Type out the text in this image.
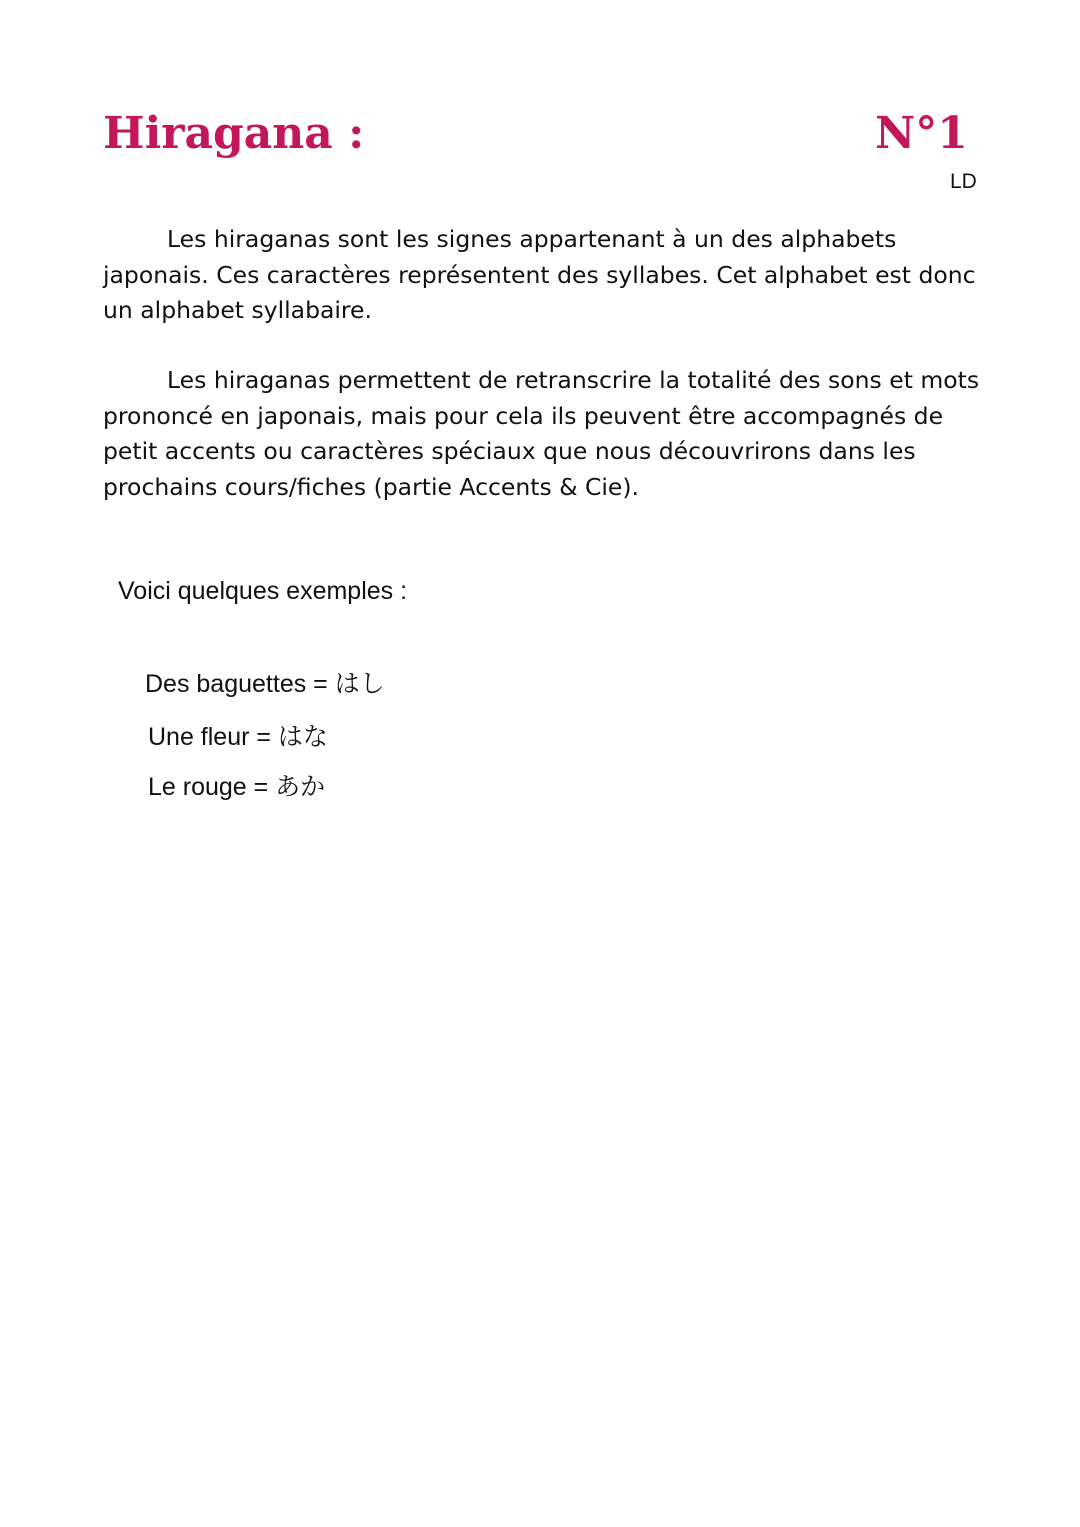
Hiragana :	N°1
LD

Les hiraganas sont les signes appartenant à un des alphabets
japonais. Ces caractères représentent des syllabes. Cet alphabet est donc
un alphabet syllabaire.

Les hiraganas permettent de retranscrire la totalité des sons et mots
prononcé en japonais, mais pour cela ils peuvent être accompagnés de
petit accents ou caractères spéciaux que nous découvrirons dans les
prochains cours/fiches (partie Accents & Cie).

Voici quelques exemples :
Des baguettes = はし
Une fleur = はな
Le rouge = あか
